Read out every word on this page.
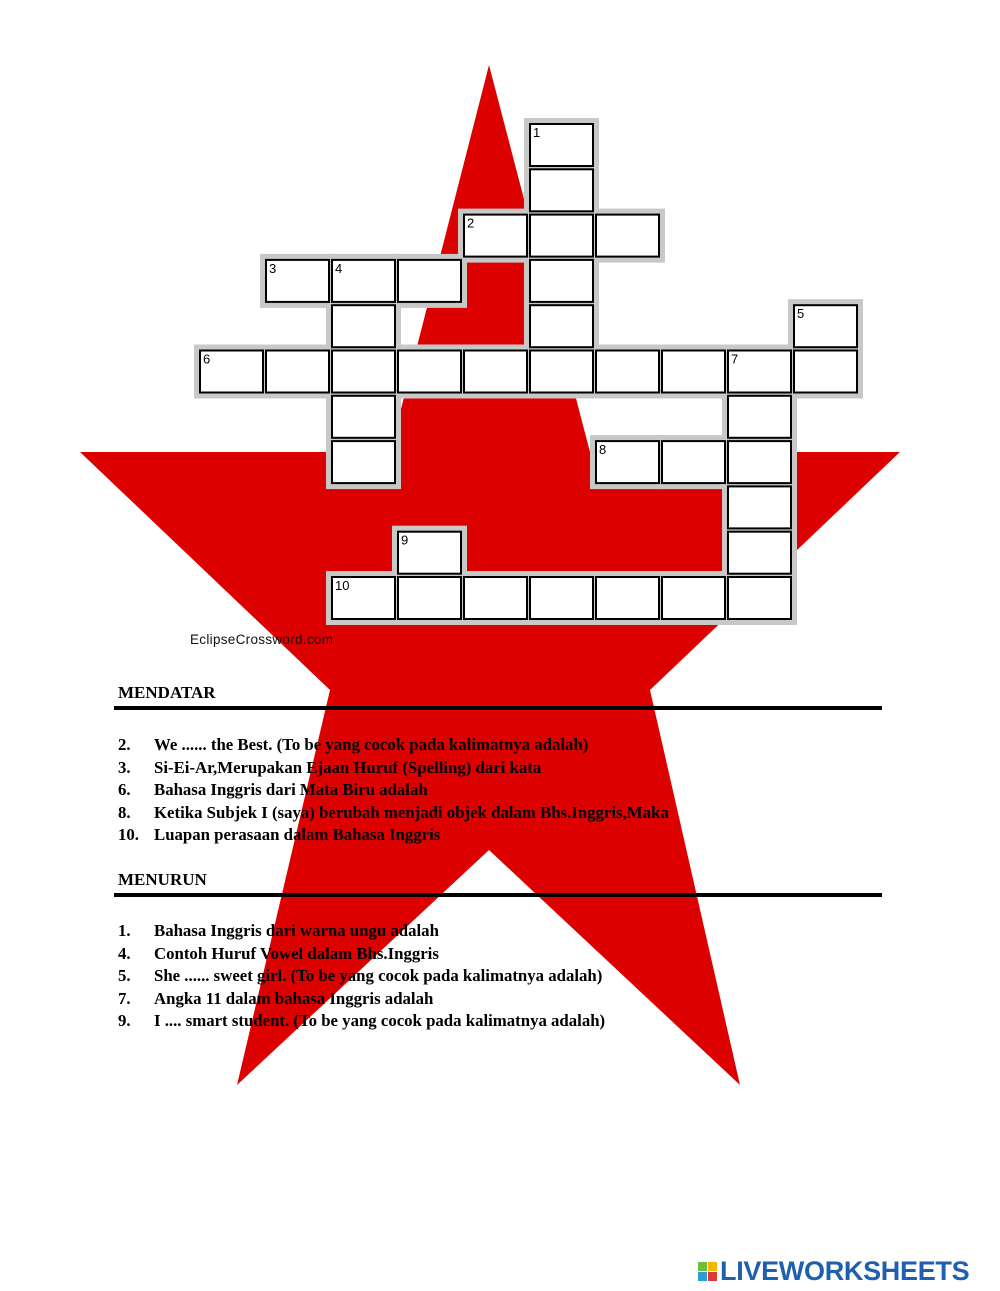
1
2
3	4
5
6	7
8
9
10
EclipseCrossword.com
MENDATAR
2.	We ...... the Best. (To be yang cocok pada kalimatnya adalah)
3.	Si-Ei-Ar,Merupakan Ejaan Huruf (Spelling) dari kata
6.	Bahasa Inggris dari Mata Biru adalah
8.	Ketika Subjek I (saya) berubah menjadi objek dalam Bhs.Inggris,Maka
10. Luapan perasaan dalam Bahasa Inggris
MENURUN
1.	Bahasa Inggris dari warna ungu adalah
4.	Contoh Huruf Vowel dalam Bhs.Inggris
5.	She ...... sweet girl. (To be yang cocok pada kalimatnya adalah)
7.	Angka 11 dalam bahasa Inggris adalah
9.	I .... smart student. (To be yang cocok pada kalimatnya adalah)
LIVEWORKSHEETS
